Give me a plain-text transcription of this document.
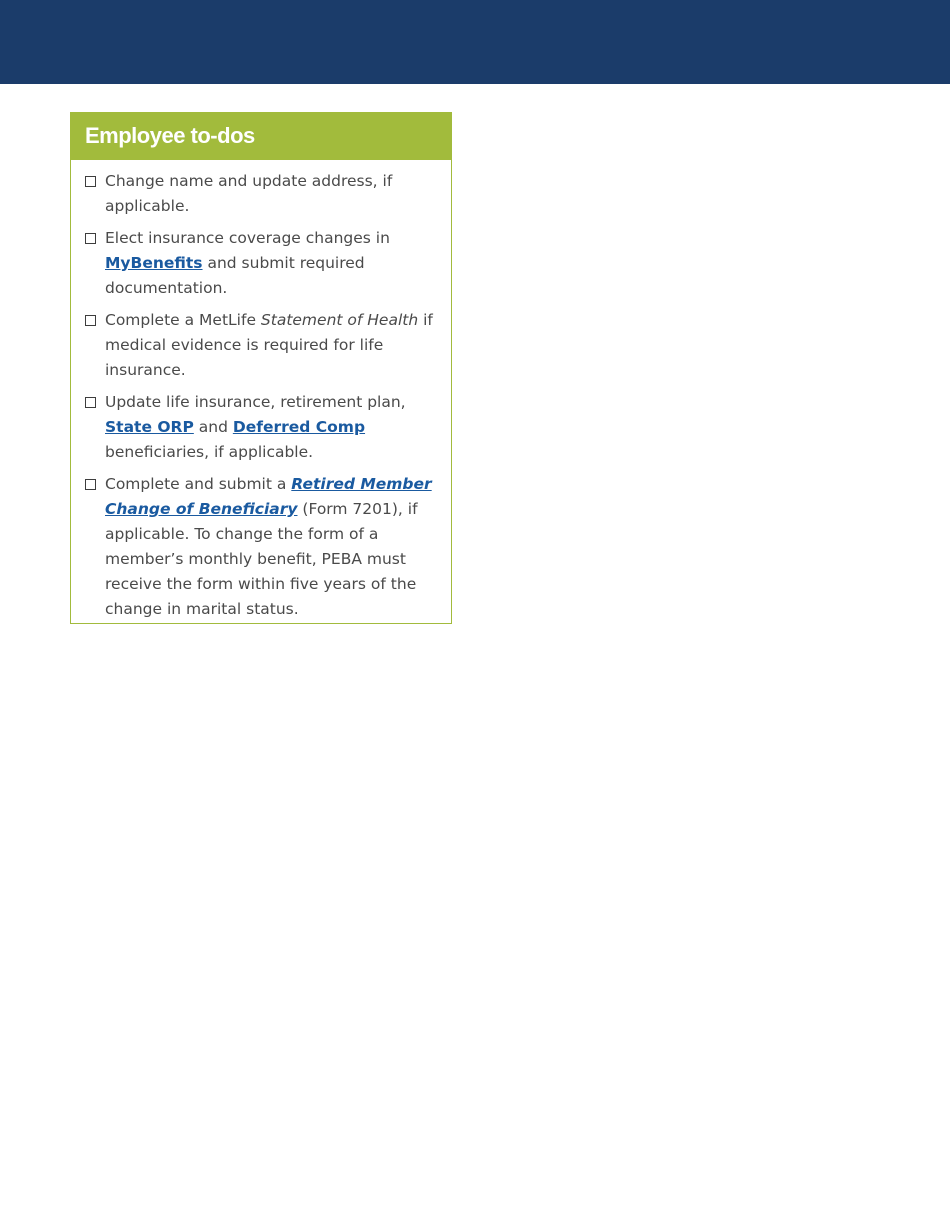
Employee to-dos
Change name and update address, if applicable.
Elect insurance coverage changes in MyBenefits and submit required documentation.
Complete a MetLife Statement of Health if medical evidence is required for life insurance.
Update life insurance, retirement plan, State ORP and Deferred Comp beneficiaries, if applicable.
Complete and submit a Retired Member Change of Beneficiary (Form 7201), if applicable. To change the form of a member’s monthly benefit, PEBA must receive the form within five years of the change in marital status.
